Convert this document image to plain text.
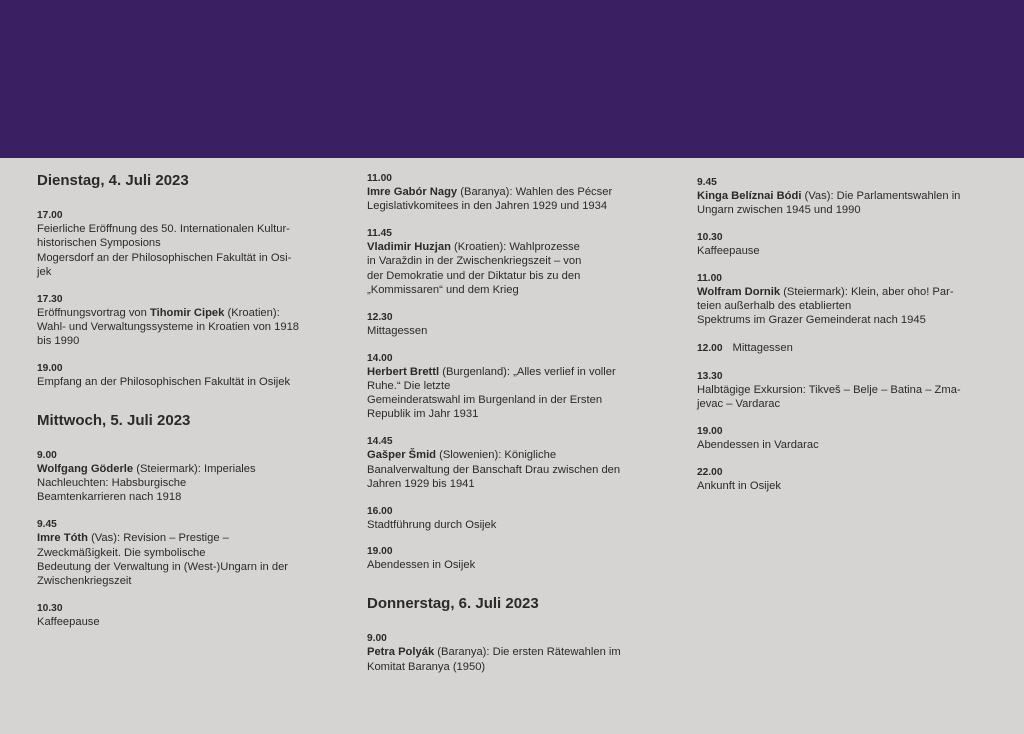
Dienstag, 4. Juli 2023
17.00
Feierliche Eröffnung des 50. Internationalen Kultur-
historischen Symposions
Mogersdorf an der Philosophischen Fakultät in Osi-
jek
17.30
Eröffnungsvortrag von Tihomir Cipek (Kroatien):
Wahl- und Verwaltungssysteme in Kroatien von 1918
bis 1990
19.00
Empfang an der Philosophischen Fakultät in Osijek
Mittwoch, 5. Juli 2023
9.00
Wolfgang Göderle (Steiermark): Imperiales
Nachleuchten: Habsburgische
Beamtenkarrieren nach 1918
9.45
Imre Tóth (Vas): Revision – Prestige –
Zweckmäßigkeit. Die symbolische
Bedeutung der Verwaltung in (West-)Ungarn in der
Zwischenkriegszeit
10.30
Kaffeepause
11.00
Imre Gabór Nagy (Baranya): Wahlen des Pécser
Legislativkomitees in den Jahren 1929 und 1934
11.45
Vladimir Huzjan (Kroatien): Wahlprozesse
in Varaždin in der Zwischenkriegszeit – von
der Demokratie und der Diktatur bis zu den
„Kommissaren“ und dem Krieg
12.30
Mittagessen
14.00
Herbert Brettl (Burgenland): „Alles verlief in voller
Ruhe.“ Die letzte
Gemeinderatswahl im Burgenland in der Ersten
Republik im Jahr 1931
14.45
Gašper Šmid (Slowenien): Königliche
Banalverwaltung der Banschaft Drau zwischen den
Jahren 1929 bis 1941
16.00
Stadtführung durch Osijek
19.00
Abendessen in Osijek
Donnerstag, 6. Juli 2023
9.00
Petra Polyák (Baranya): Die ersten Rätewahlen im
Komitat Baranya (1950)
9.45
Kinga Belíznai Bódi (Vas): Die Parlamentswahlen in
Ungarn zwischen 1945 und 1990
10.30
Kaffeepause
11.00
Wolfram Dornik (Steiermark): Klein, aber oho! Par-
teien außerhalb des etablierten
Spektrums im Grazer Gemeinderat nach 1945
12.00 Mittagessen
13.30
Halbtägige Exkursion: Tikveš – Belje – Batina – Zma-
jevac – Vardarac
19.00
Abendessen in Vardarac
22.00
Ankunft in Osijek
